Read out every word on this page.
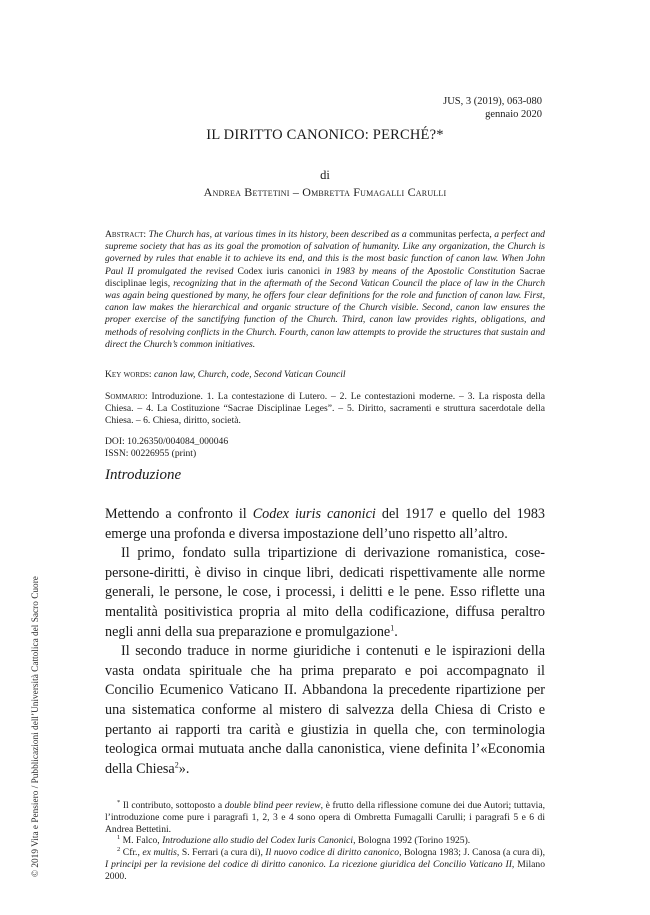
JUS, 3 (2019), 063-080
gennaio 2020
IL DIRITTO CANONICO: PERCHÉ?*
di
Andrea Bettetini – Ombretta Fumagalli Carulli
Abstract: The Church has, at various times in its history, been described as a communitas perfecta, a perfect and supreme society that has as its goal the promotion of salvation of humanity. Like any organization, the Church is governed by rules that enable it to achieve its end, and this is the most basic function of canon law. When John Paul II promulgated the revised Codex iuris canonici in 1983 by means of the Apostolic Constitution Sacrae disciplinae legis, recognizing that in the aftermath of the Second Vatican Council the place of law in the Church was again being questioned by many, he offers four clear definitions for the role and function of canon law. First, canon law makes the hierarchical and organic structure of the Church visible. Second, canon law ensures the proper exercise of the sanctifying function of the Church. Third, canon law provides rights, obligations, and methods of resolving conflicts in the Church. Fourth, canon law attempts to provide the structures that sustain and direct the Church’s common initiatives.
Key words: canon law, Church, code, Second Vatican Council
Sommario: Introduzione. 1. La contestazione di Lutero. – 2. Le contestazioni moderne. – 3. La risposta della Chiesa. – 4. La Costituzione “Sacrae Disciplinae Leges”. – 5. Diritto, sacramenti e struttura sacerdotale della Chiesa. – 6. Chiesa, diritto, società.
DOI: 10.26350/004084_000046
ISSN: 00226955 (print)
Introduzione

Mettendo a confronto il Codex iuris canonici del 1917 e quello del 1983 emerge una profonda e diversa impostazione dell’uno rispetto all’altro.

Il primo, fondato sulla tripartizione di derivazione romanistica, cose-persone-diritti, è diviso in cinque libri, dedicati rispettivamente alle norme generali, le persone, le cose, i processi, i delitti e le pene. Esso riflette una mentalità positivistica propria al mito della codificazione, diffusa peraltro negli anni della sua preparazione e promulgazione$^1$.

Il secondo traduce in norme giuridiche i contenuti e le ispirazioni della vasta ondata spirituale che ha prima preparato e poi accompagnato il Concilio Ecumenico Vaticano II. Abbandona la precedente ripartizione per una sistematica conforme al mistero di salvezza della Chiesa di Cristo e pertanto ai rapporti tra carità e giustizia in quella che, con terminologia teologica ormai mutuata anche dalla canonistica, viene definita l’«Economia della Chiesa$^2$».

* Il contributo, sottoposto a double blind peer review, è frutto della riflessione comune dei due Autori; tuttavia, l’introduzione come pure i paragrafi 1, 2, 3 e 4 sono opera di Ombretta Fumagalli Carulli; i paragrafi 5 e 6 di Andrea Bettetini.

$^1$ M. Falco, Introduzione allo studio del Codex Iuris Canonici, Bologna 1992 (Torino 1925).

$^2$ Cfr., ex multis, S. Ferrari (a cura di), Il nuovo codice di diritto canonico, Bologna 1983; J. Canosa (a cura di), I principi per la revisione del codice di diritto canonico. La ricezione giuridica del Concilio Vaticano II, Milano 2000.

© 2019 Vita e Pensiero / Pubblicazioni dell’Università Cattolica del Sacro Cuore
